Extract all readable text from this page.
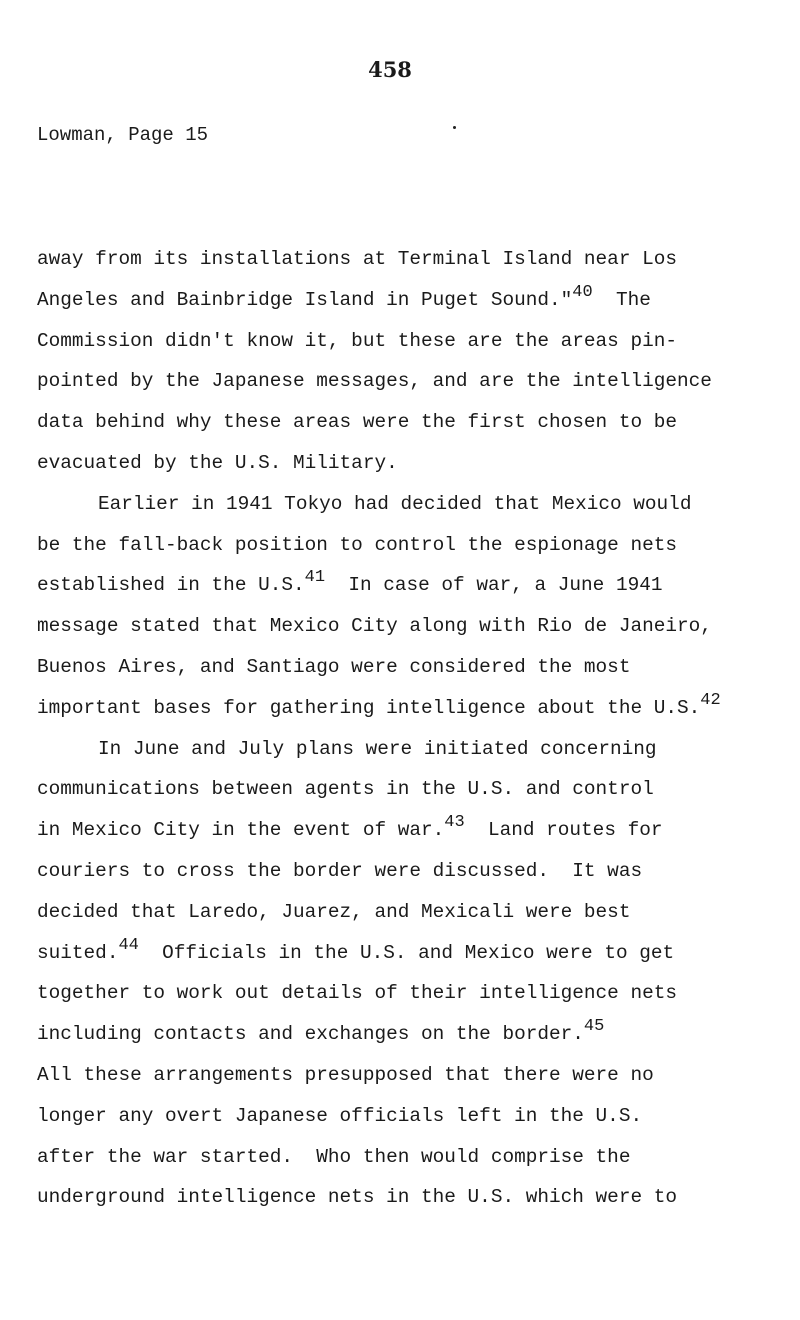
458
Lowman, Page 15
away from its installations at Terminal Island near Los
Angeles and Bainbridge Island in Puget Sound."40  The
Commission didn't know it, but these are the areas pin-
pointed by the Japanese messages, and are the intelligence
data behind why these areas were the first chosen to be
evacuated by the U.S. Military.
Earlier in 1941 Tokyo had decided that Mexico would
be the fall-back position to control the espionage nets
established in the U.S.41  In case of war, a June 1941
message stated that Mexico City along with Rio de Janeiro,
Buenos Aires, and Santiago were considered the most
important bases for gathering intelligence about the U.S.42
In June and July plans were initiated concerning
communications between agents in the U.S. and control
in Mexico City in the event of war.43  Land routes for
couriers to cross the border were discussed.  It was
decided that Laredo, Juarez, and Mexicali were best
suited.44  Officials in the U.S. and Mexico were to get
together to work out details of their intelligence nets
including contacts and exchanges on the border.45
All these arrangements presupposed that there were no
longer any overt Japanese officials left in the U.S.
after the war started.  Who then would comprise the
underground intelligence nets in the U.S. which were to
